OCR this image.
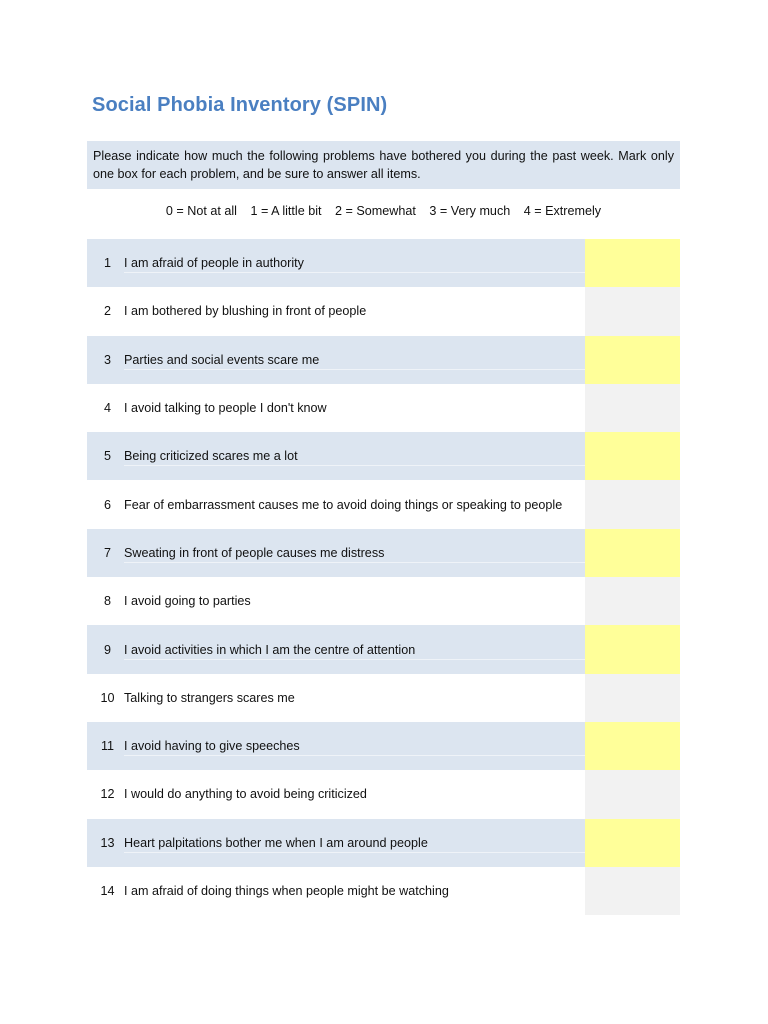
Social Phobia Inventory (SPIN)
Please indicate how much the following problems have bothered you during the past week. Mark only one box for each problem, and be sure to answer all items.
0 = Not at all 1 = A little bit 2 = Somewhat 3 = Very much 4 = Extremely
1	I am afraid of people in authority
2	I am bothered by blushing in front of people
3	Parties and social events scare me
4	I avoid talking to people I don't know
5	Being criticized scares me a lot
6	Fear of embarrassment causes me to avoid doing things or speaking to people
7	Sweating in front of people causes me distress
8	I avoid going to parties
9	I avoid activities in which I am the centre of attention
10 Talking to strangers scares me
11 I avoid having to give speeches
12 I would do anything to avoid being criticized
13 Heart palpitations bother me when I am around people
14 I am afraid of doing things when people might be watching
